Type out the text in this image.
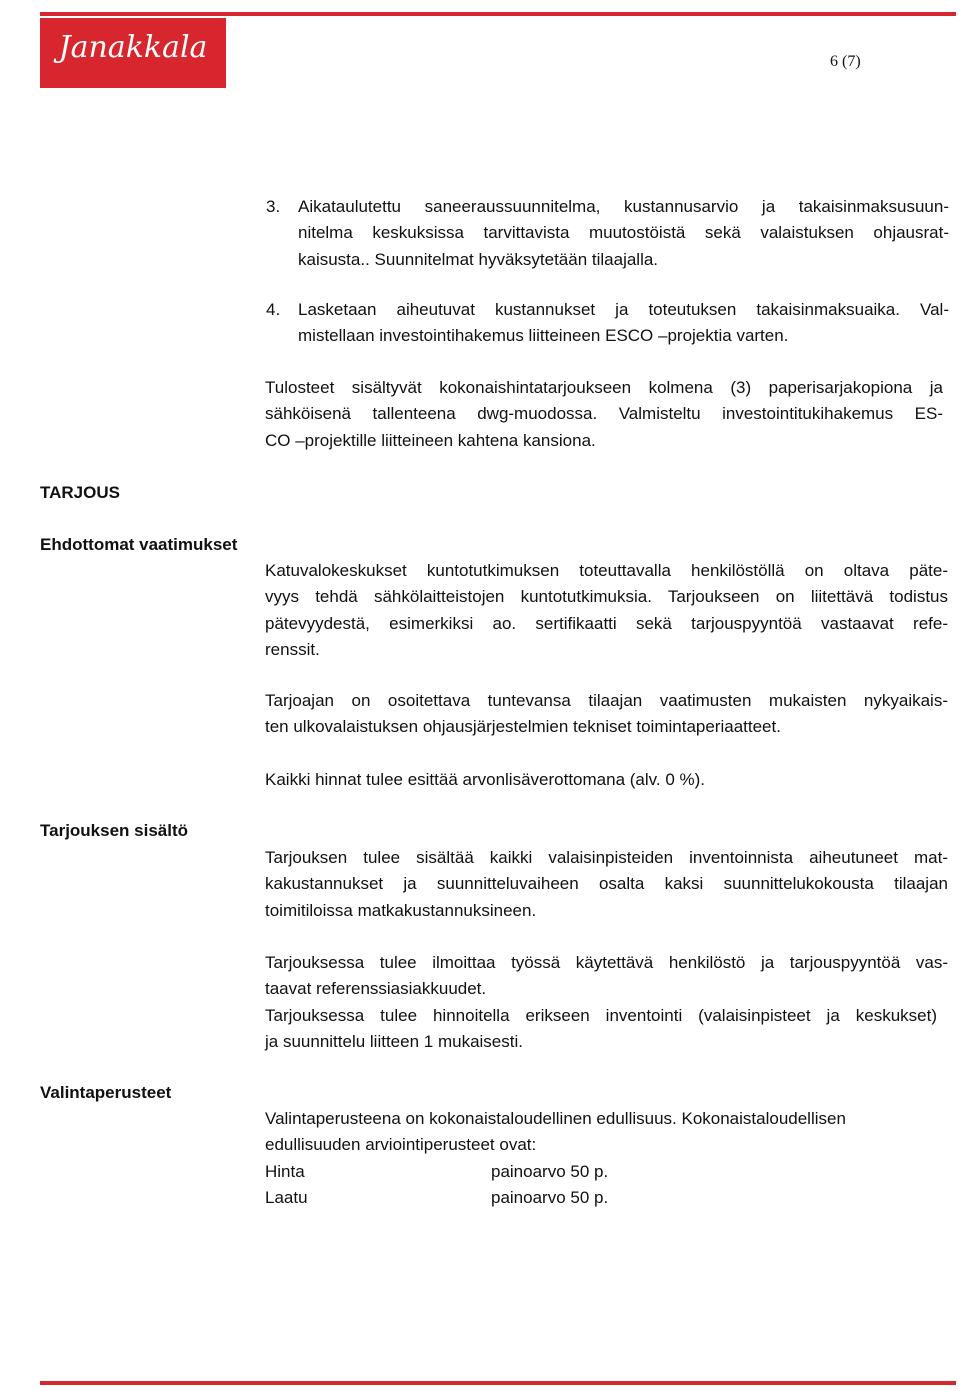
Janakkala	6 (7)
3. Aikataulutettu saneeraussuunnitelma, kustannusarvio ja takaisinmaksusuun-
nitelma keskuksissa tarvittavista muutostöistä sekä valaistuksen ohjausrat-
kaisusta.. Suunnitelmat hyväksytetään tilaajalla.
4. Lasketaan aiheutuvat kustannukset ja toteutuksen takaisinmaksuaika. Val-
mistellaan investointihakemus liitteineen ESCO –projektia varten.
Tulosteet sisältyvät kokonaishintatarjoukseen kolmena (3) paperisarjakopiona ja
sähköisenä tallenteena dwg-muodossa. Valmisteltu investointitukihakemus ES-
CO –projektille liitteineen kahtena kansiona.
TARJOUS
Ehdottomat vaatimukset
Katuvalokeskukset kuntotutkimuksen toteuttavalla henkilöstöllä on oltava päte-
vyys tehdä sähkölaitteistojen kuntotutkimuksia. Tarjoukseen on liitettävä todistus
pätevyydestä, esimerkiksi ao. sertifikaatti sekä tarjouspyyntöä vastaavat refe-
renssit.
Tarjoajan on osoitettava tuntevansa tilaajan vaatimusten mukaisten nykyaikais-
ten ulkovalaistuksen ohjausjärjestelmien tekniset toimintaperiaatteet.
Kaikki hinnat tulee esittää arvonlisäverottomana (alv. 0 %).
Tarjouksen sisältö
Tarjouksen tulee sisältää kaikki valaisinpisteiden inventoinnista aiheutuneet mat-
kakustannukset ja suunnitteluvaiheen osalta kaksi suunnittelukokousta tilaajan
toimitiloissa matkakustannuksineen.
Tarjouksessa tulee ilmoittaa työssä käytettävä henkilöstö ja tarjouspyyntöä vas-
taavat referenssiasiakkuudet.
Tarjouksessa tulee hinnoitella erikseen inventointi (valaisinpisteet ja keskukset)
ja suunnittelu liitteen 1 mukaisesti.
Valintaperusteet
Valintaperusteena on kokonaistaloudellinen edullisuus. Kokonaistaloudellisen
edullisuuden arviointiperusteet ovat:
Hinta	painoarvo 50 p.
Laatu	painoarvo 50 p.
